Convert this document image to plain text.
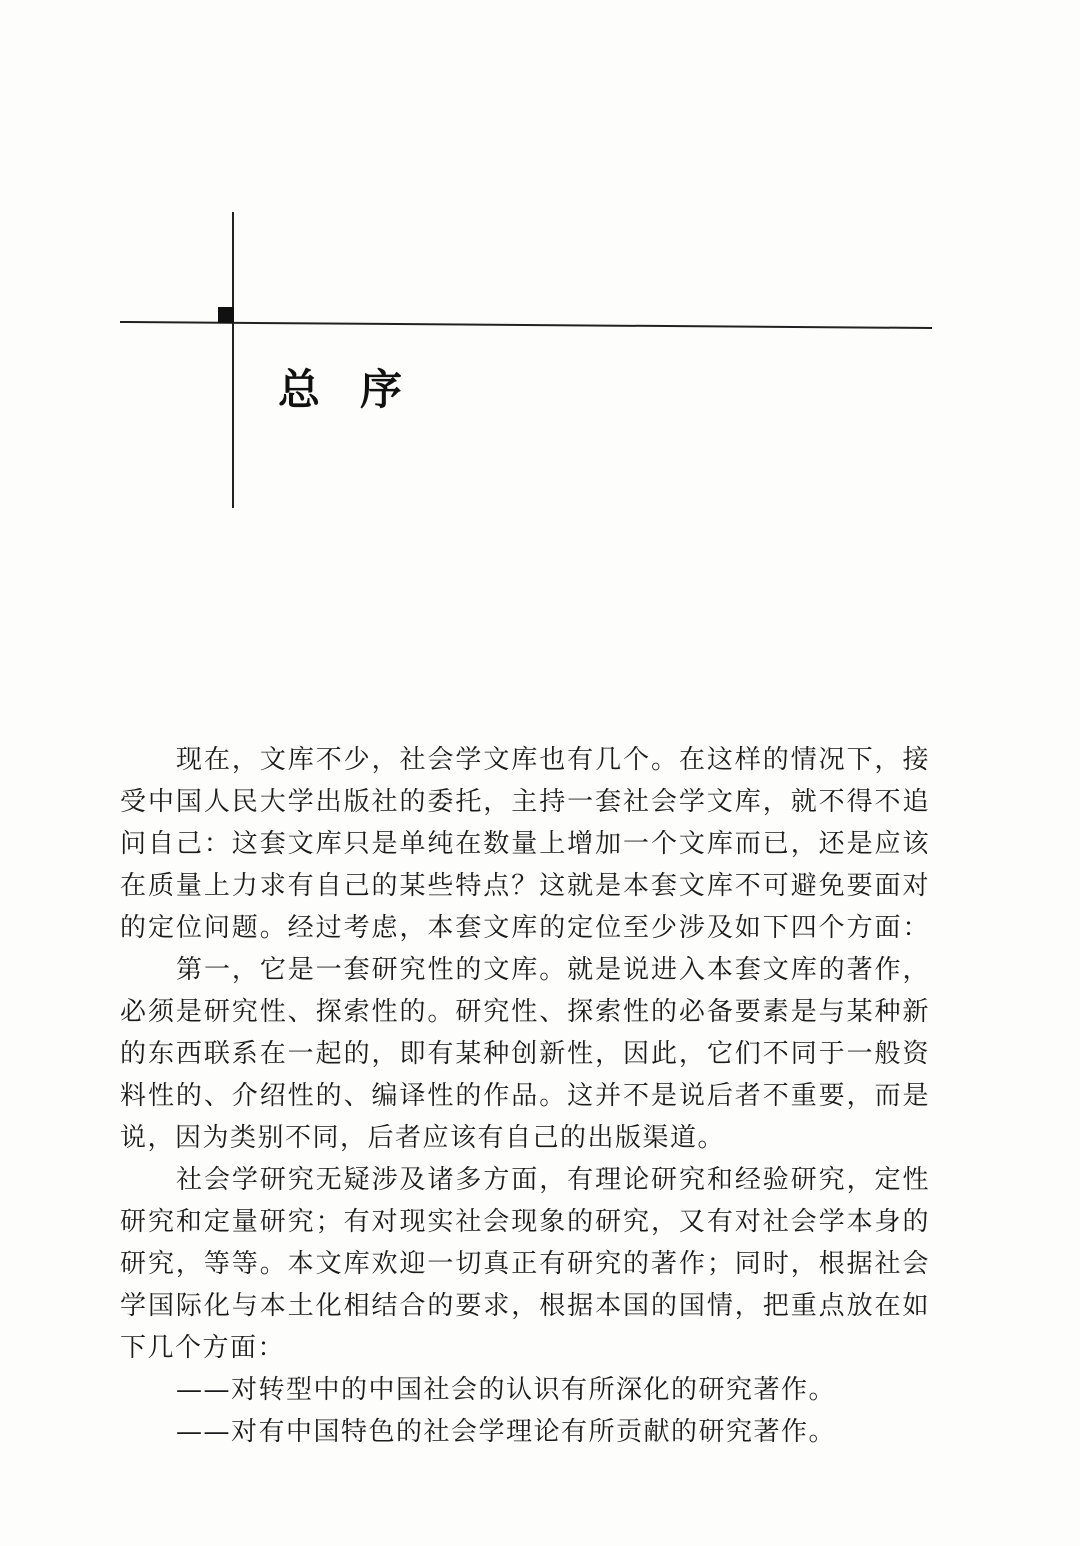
总序
现在，文库不少，社会学文库也有几个。在这样的情况下，接
受中国人民大学出版社的委托，主持一套社会学文库，就不得不追
问自己：这套文库只是单纯在数量上增加一个文库而已，还是应该
在质量上力求有自己的某些特点？这就是本套文库不可避免要面对
的定位问题。经过考虑，本套文库的定位至少涉及如下四个方面：
第一，它是一套研究性的文库。就是说进入本套文库的著作，
必须是研究性、探索性的。研究性、探索性的必备要素是与某种新
的东西联系在一起的，即有某种创新性，因此，它们不同于一般资
料性的、介绍性的、编译性的作品。这并不是说后者不重要，而是
说，因为类别不同，后者应该有自己的出版渠道。
社会学研究无疑涉及诸多方面，有理论研究和经验研究，定性
研究和定量研究；有对现实社会现象的研究，又有对社会学本身的
研究，等等。本文库欢迎一切真正有研究的著作；同时，根据社会
学国际化与本土化相结合的要求，根据本国的国情，把重点放在如
下几个方面：
——对转型中的中国社会的认识有所深化的研究著作。
——对有中国特色的社会学理论有所贡献的研究著作。
